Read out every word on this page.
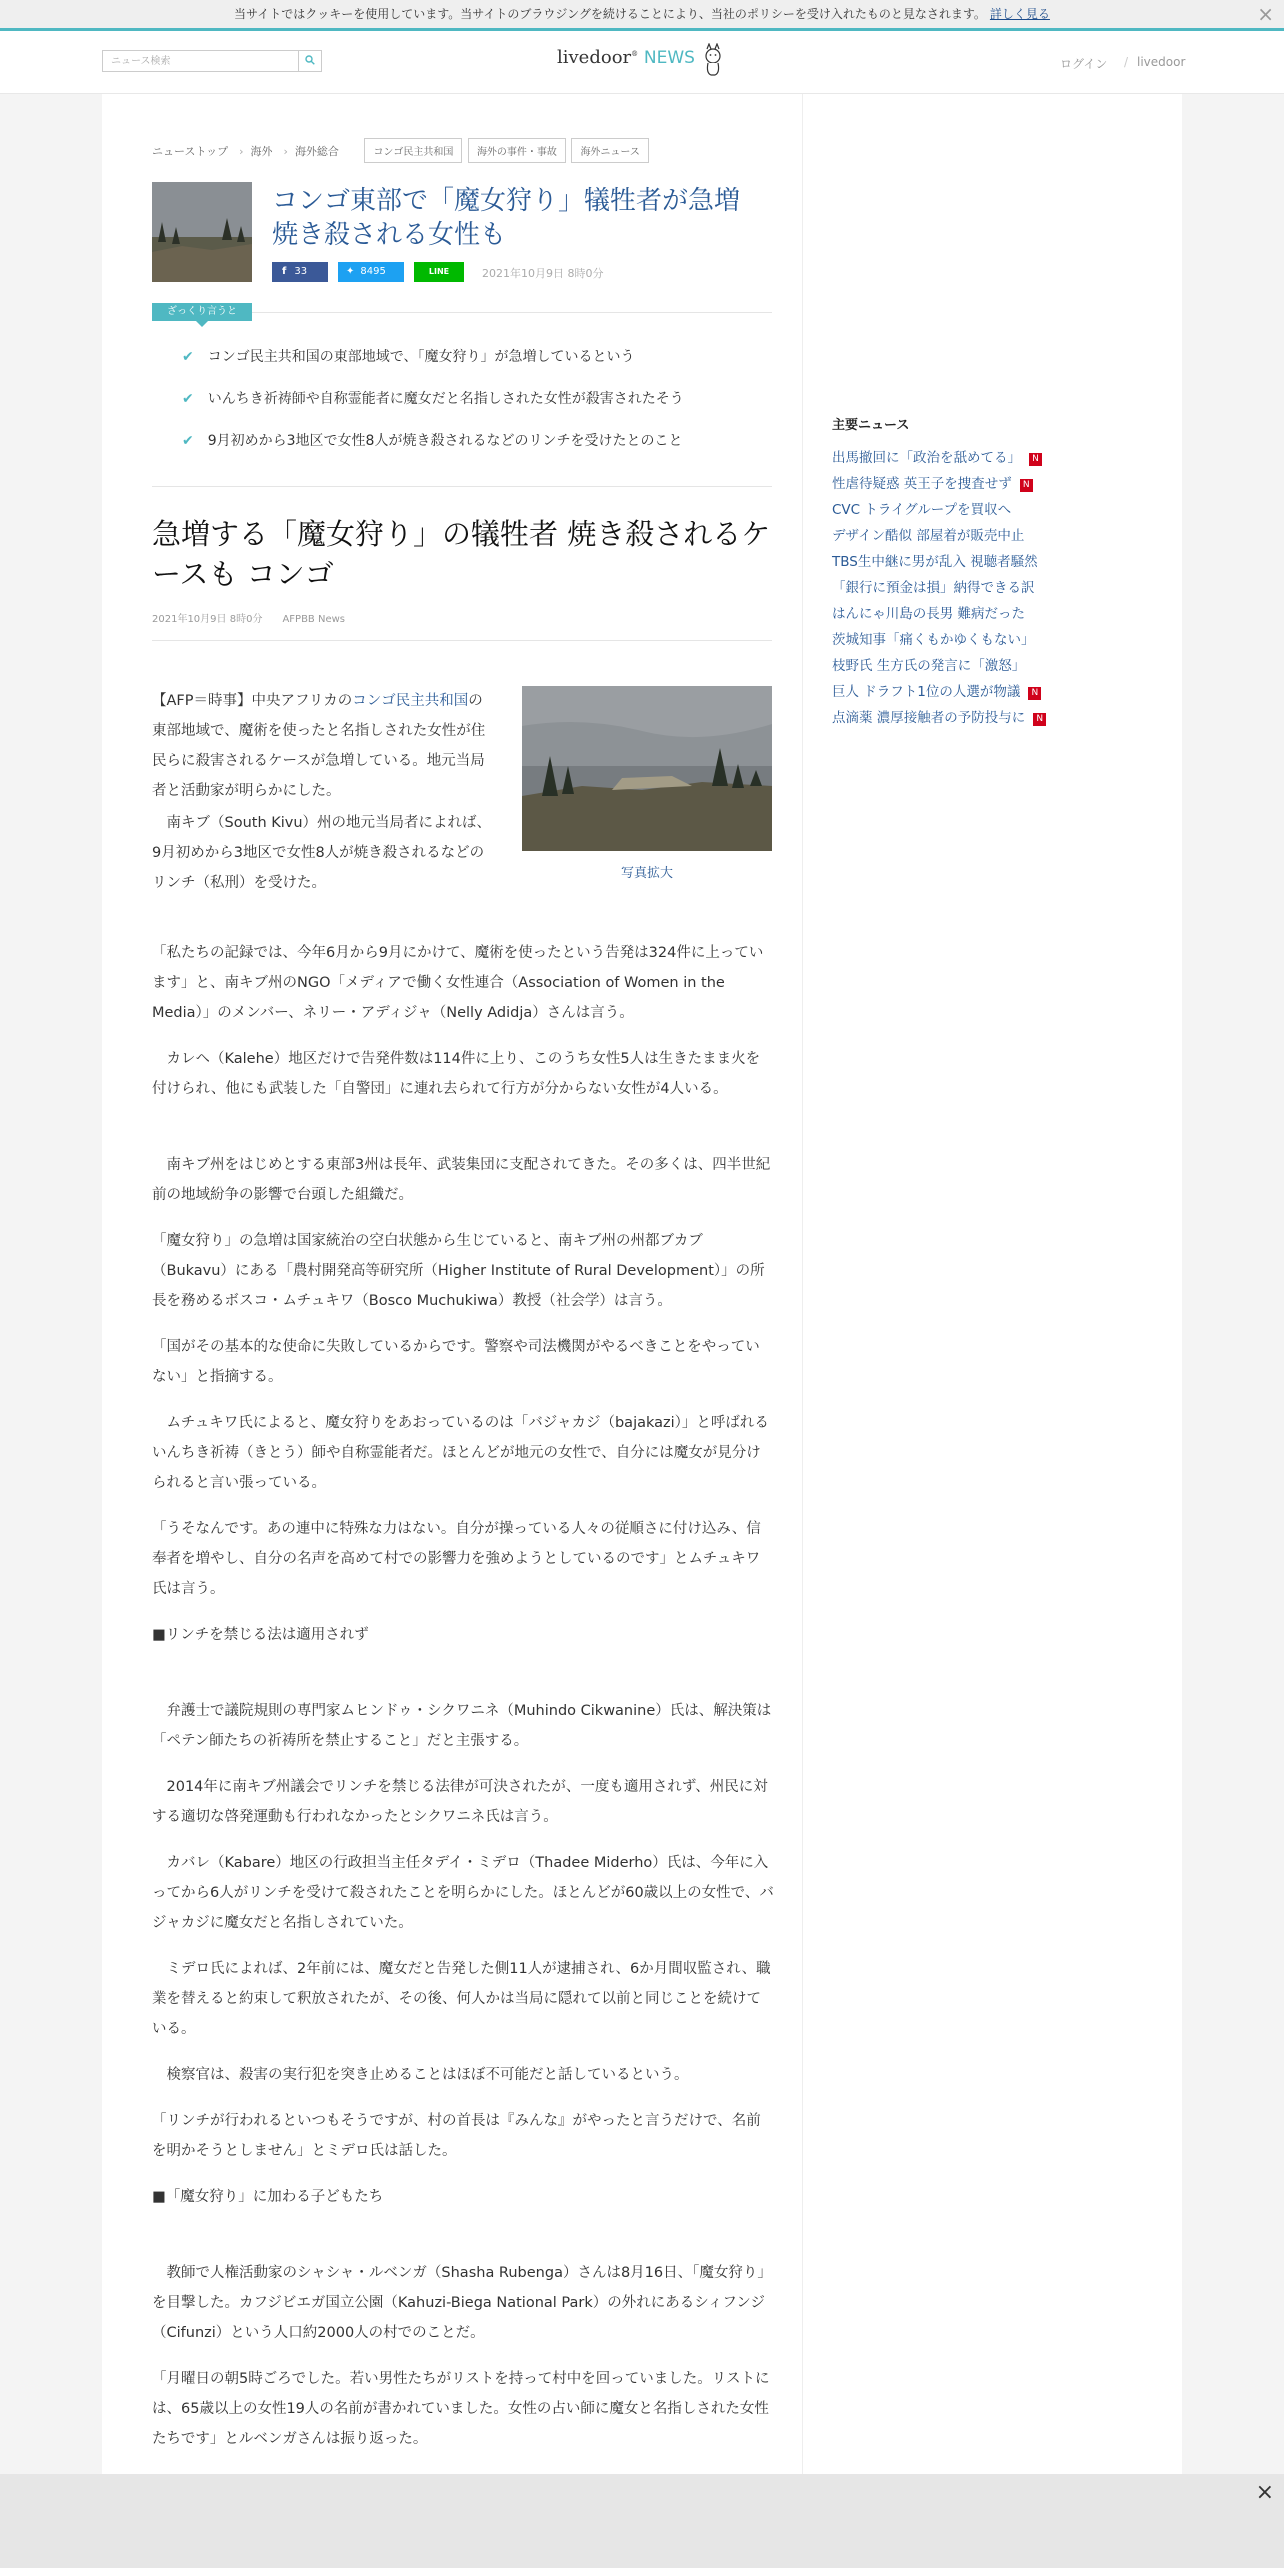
当サイトではクッキーを使用しています。当サイトのブラウジングを続けることにより、当社のポリシーを受け入れたものと見なされます。 詳しく見る	×
ニュース検索	livedoor® NEWS	ログイン / livedoor
ニューストップ › 海外 › 海外総合	コンゴ民主共和国 海外の事件・事故 海外ニュース
コンゴ東部で「魔女狩り」犠牲者が急増 焼き殺される女性も
f 33	✦ 8495	LINE	2021年10月9日 8時0分
ざっくり言うと
✔ コンゴ民主共和国の東部地域で、「魔女狩り」が急増しているという
✔ いんちき祈祷師や自称霊能者に魔女だと名指しされた女性が殺害されたそう
✔ 9月初めから3地区で女性8人が焼き殺されるなどのリンチを受けたとのこと
急増する「魔女狩り」の犠牲者 焼き殺されるケースも コンゴ
2021年10月9日 8時0分 AFPBB News
写真拡大
【AFP＝時事】中央アフリカのコンゴ民主共和国の東部地域で、魔術を使ったと名指しされた女性が住民らに殺害されるケースが急増している。地元当局者と活動家が明らかにした。
南キブ（South Kivu）州の地元当局者によれば、9月初めから3地区で女性8人が焼き殺されるなどのリンチ（私刑）を受けた。
「私たちの記録では、今年6月から9月にかけて、魔術を使ったという告発は324件に上っています」と、南キブ州のNGO「メディアで働く女性連合（Association of Women in the Media）」のメンバー、ネリー・アディジャ（Nelly Adidja）さんは言う。
カレヘ（Kalehe）地区だけで告発件数は114件に上り、このうち女性5人は生きたまま火を付けられ、他にも武装した「自警団」に連れ去られて行方が分からない女性が4人いる。
南キブ州をはじめとする東部3州は長年、武装集団に支配されてきた。その多くは、四半世紀前の地域紛争の影響で台頭した組織だ。
「魔女狩り」の急増は国家統治の空白状態から生じていると、南キブ州の州都ブカブ（Bukavu）にある「農村開発高等研究所（Higher Institute of Rural Development）」の所長を務めるボスコ・ムチュキワ（Bosco Muchukiwa）教授（社会学）は言う。
「国がその基本的な使命に失敗しているからです。警察や司法機関がやるべきことをやっていない」と指摘する。
ムチュキワ氏によると、魔女狩りをあおっているのは「バジャカジ（bajakazi）」と呼ばれるいんちき祈祷（きとう）師や自称霊能者だ。ほとんどが地元の女性で、自分には魔女が見分けられると言い張っている。
「うそなんです。あの連中に特殊な力はない。自分が操っている人々の従順さに付け込み、信奉者を増やし、自分の名声を高めて村での影響力を強めようとしているのです」とムチュキワ氏は言う。
■リンチを禁じる法は適用されず
弁護士で議院規則の専門家ムヒンドゥ・シクワニネ（Muhindo Cikwanine）氏は、解決策は「ペテン師たちの祈祷所を禁止すること」だと主張する。
2014年に南キブ州議会でリンチを禁じる法律が可決されたが、一度も適用されず、州民に対する適切な啓発運動も行われなかったとシクワニネ氏は言う。
カバレ（Kabare）地区の行政担当主任タデイ・ミデロ（Thadee Miderho）氏は、今年に入ってから6人がリンチを受けて殺されたことを明らかにした。ほとんどが60歳以上の女性で、バジャカジに魔女だと名指しされていた。
ミデロ氏によれば、2年前には、魔女だと告発した側11人が逮捕され、6か月間収監され、職業を替えると約束して釈放されたが、その後、何人かは当局に隠れて以前と同じことを続けている。
検察官は、殺害の実行犯を突き止めることはほぼ不可能だと話しているという。
「リンチが行われるといつもそうですが、村の首長は『みんな』がやったと言うだけで、名前を明かそうとしません」とミデロ氏は話した。
■「魔女狩り」に加わる子どもたち
教師で人権活動家のシャシャ・ルベンガ（Shasha Rubenga）さんは8月16日、「魔女狩り」を目撃した。カフジビエガ国立公園（Kahuzi-Biega National Park）の外れにあるシィフンジ（Cifunzi）という人口約2000人の村でのことだ。
「月曜日の朝5時ごろでした。若い男性たちがリストを持って村中を回っていました。リストには、65歳以上の女性19人の名前が書かれていました。女性の占い師に魔女と名指しされた女性たちです」とルベンガさんは振り返った。
主要ニュース
出馬撤回に「政治を舐めてる」 N
性虐待疑惑 英王子を捜査せず N
CVC トライグループを買収へ
デザイン酷似 部屋着が販売中止
TBS生中継に男が乱入 視聴者騒然
「銀行に預金は損」納得できる訳
はんにゃ川島の長男 難病だった
茨城知事「痛くもかゆくもない」
枝野氏 生方氏の発言に「激怒」
巨人 ドラフト1位の人選が物議 N
点滴薬 濃厚接触者の予防投与に N
×
